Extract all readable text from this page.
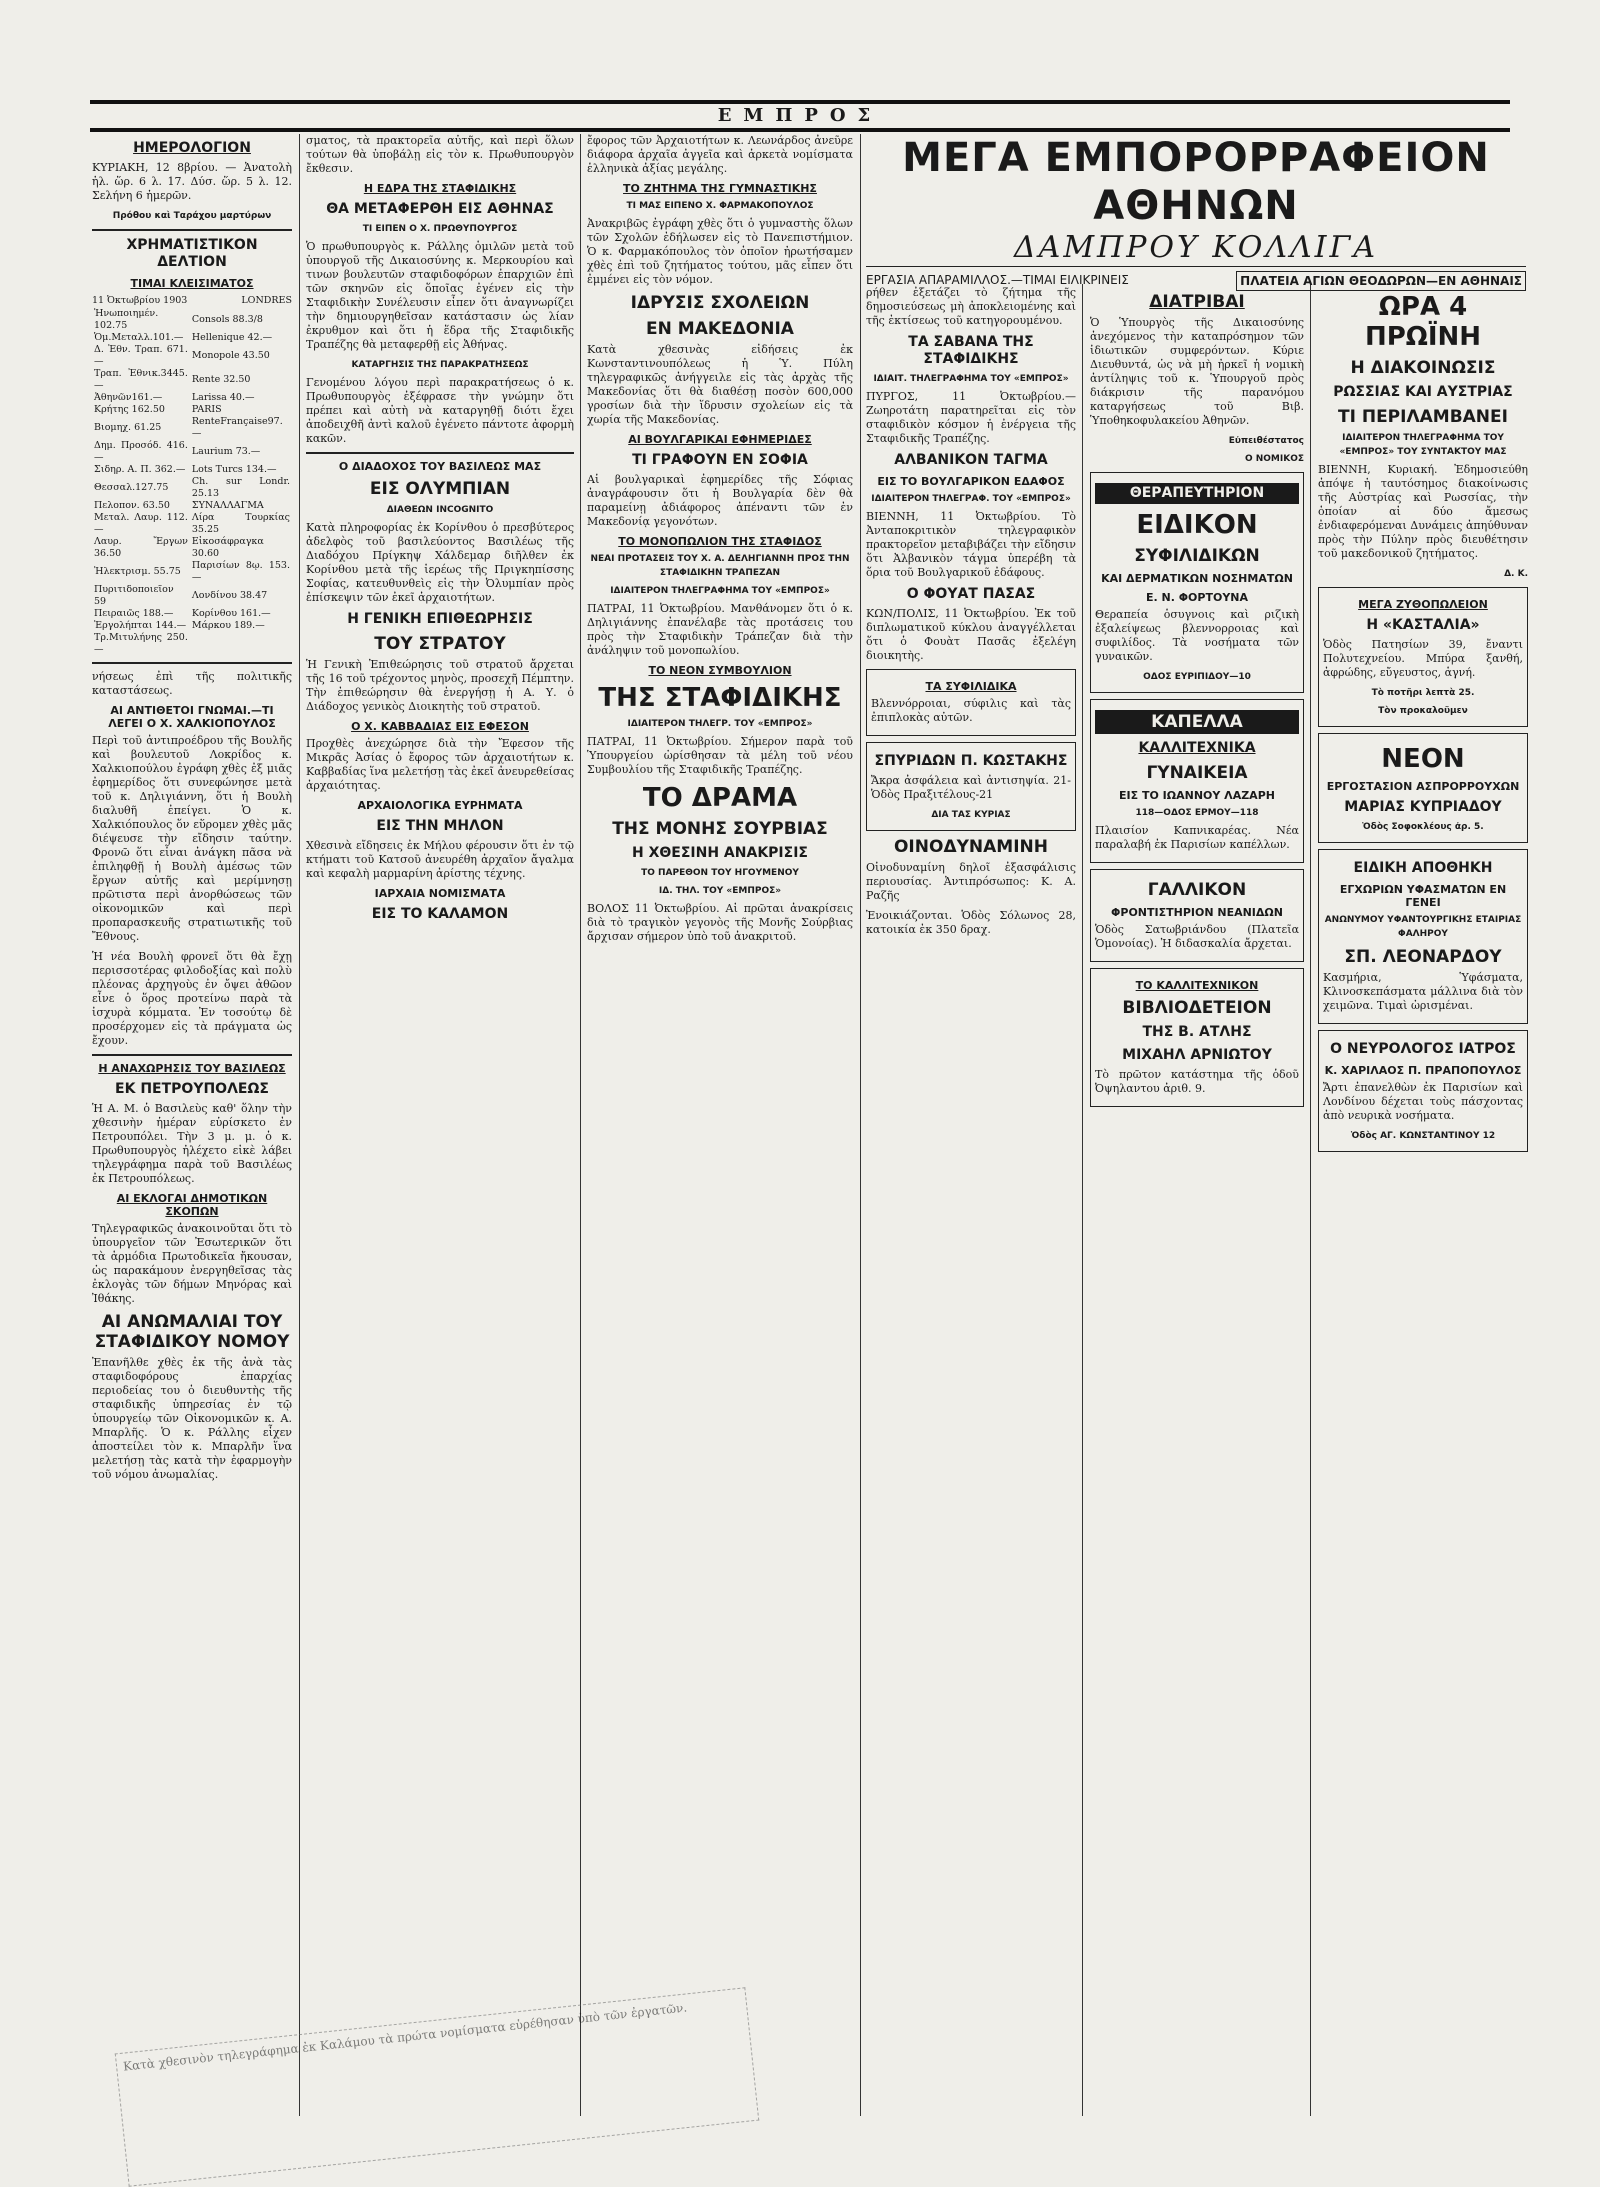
ΕΜΠΡΟΣ
ΗΜΕΡΟΛΟΓΙΟΝ

ΚΥΡΙΑΚΗ, 12 8βρίου. — Ἀνατολὴ ἡλ. ὥρ. 6 λ. 17. Δύσ. ὥρ. 5 λ. 12. Σελήνη 6 ἡμερῶν.

Πρόθου καὶ Ταράχου μαρτύρων
ΧΡΗΜΑΤΙΣΤΙΚΟΝ ΔΕΛΤΙΟΝ
ΤΙΜΑΙ ΚΛΕΙΣΙΜΑΤΟΣ
11 Ὀκτωβρίου 1903	LONDRES
Ἡνωποιημέν. 102.75	Consols 88.3/8
Ὁμ.Μεταλλ.101.—	Hellenique 42.—
Δ. Ἐθν. Τραπ. 671.—	Monopole 43.50
Τραπ. Ἐθνικ.3445.—	Rente 32.50
Ἀθηνῶν161.—	Larissa 40.—
Κρήτης 162.50	PARIS
Βιομηχ. 61.25	RenteFrançaise97.—
Δημ. Προσόδ. 416.—	Laurium 73.—
Σιδηρ. Α. Π. 362.—	Lots Turcs 134.—
Θεσσαλ.127.75	Ch. sur Londr. 25.13
Πελοπον. 63.50	ΣΥΝΑΛΛΑΓΜΑ
Μεταλ. Λαυρ. 112.—	Λίρα Τουρκίας 35.25
Λαυρ. Ἔργων 36.50	Εἰκοσάφραγκα 30.60
Ἠλεκτρισμ. 55.75	Παρισίων 8ῳ. 153.—
Πυριτιδοποιεῖον 59	Λονδίνου 38.47
Πειραιῶς 188.—	Κορίνθου 161.—
Ἐργολήπται 144.—	Μάρκου 189.—
Τρ.Μιτυλήνης 250.—	

νήσεως ἐπὶ τῆς πολιτικῆς καταστάσεως.

ΑΙ ΑΝΤΙΘΕΤΟΙ ΓΝΩΜΑΙ.—ΤΙ ΛΕΓΕΙ Ο Χ. ΧΑΛΚΙΟΠΟΥΛΟΣ

Περὶ τοῦ ἀντιπροέδρου τῆς Βουλῆς καὶ βουλευτοῦ Λοκρίδος κ. Χαλκιοπούλου ἐγράφη χθὲς ἐξ μιᾶς ἐφημερίδος ὅτι συνεφώνησε μετὰ τοῦ κ. Δηλιγιάννη, ὅτι ἡ Βουλὴ διαλυθῆ ἐπείγει. Ὁ κ. Χαλκιόπουλος ὅν εὕρομεν χθὲς μᾶς διέψευσε τὴν εἴδησιν ταύτην. Φρονῶ ὅτι εἶναι ἀνάγκη πᾶσα νὰ ἐπιληφθῇ ἡ Βουλὴ ἀμέσως τῶν ἔργων αὐτῆς καὶ μερίμνησῃ πρῶτιστα περὶ ἀνορθώσεως τῶν οἰκονομικῶν καὶ περὶ προπαρασκευῆς στρατιωτικῆς τοῦ Ἔθνους.

Ἡ νέα Βουλὴ φρονεῖ ὅτι θὰ ἔχῃ περισσοτέρας φιλοδοξίας καὶ πολὺ πλέονας ἀρχηγοὺς ἐν ὄψει ἀθῶον εἶνε ὁ ὅρος προτείνω παρὰ τὰ ἰσχυρὰ κόμματα. Ἐν τοσούτῳ δὲ προσέρχομεν εἰς τὰ πράγματα ὡς ἔχουν.

Η ΑΝΑΧΩΡΗΣΙΣ ΤΟΥ ΒΑΣΙΛΕΩΣ
ΕΚ ΠΕΤΡΟΥΠΟΛΕΩΣ

Ἡ Α. Μ. ὁ Βασιλεὺς καθ' ὅλην τὴν χθεσινὴν ἡμέραν εὑρίσκετο ἐν Πετρουπόλει. Τὴν 3 μ. μ. ὁ κ. Πρωθυπουργὸς ἠλέχετο εἰκὲ λάβει τηλεγράφημα παρὰ τοῦ Βασιλέως ἐκ Πετρουπόλεως.

ΑΙ ΕΚΛΟΓΑΙ ΔΗΜΟΤΙΚΩΝ ΣΚΟΠΩΝ

Τηλεγραφικῶς ἀνακοινοῦται ὅτι τὸ ὑπουργεῖον τῶν Ἐσωτερικῶν ὅτι τὰ ἁρμόδια Πρωτοδικεῖα ἤκουσαν, ὡς παρακάμουν ἐνεργηθεῖσας τὰς ἐκλογὰς τῶν δήμων Μηνόρας καὶ Ἰθάκης.

ΑΙ ΑΝΩΜΑΛΙΑΙ ΤΟΥ ΣΤΑΦΙΔΙΚΟΥ ΝΟΜΟΥ

Ἐπανῆλθε χθὲς ἐκ τῆς ἀνὰ τὰς σταφιδοφόρους ἐπαρχίας περιοδείας του ὁ διευθυντὴς τῆς σταφιδικῆς ὑπηρεσίας ἐν τῷ ὑπουργείῳ τῶν Οἰκονομικῶν κ. Α. Μπαρλῆς. Ὁ κ. Ράλλης εἶχεν ἀποστείλει τὸν κ. Μπαρλῆν ἵνα μελετήσῃ τὰς κατὰ τὴν ἐφαρμογὴν τοῦ νόμου ἀνωμαλίας.

σματος, τὰ πρακτορεῖα αὐτῆς, καὶ περὶ ὅλων τούτων θὰ ὑποβάλῃ εἰς τὸν κ. Πρωθυπουργὸν ἔκθεσιν.

Η ΕΔΡΑ ΤΗΣ ΣΤΑΦΙΔΙΚΗΣ
ΘΑ ΜΕΤΑΦΕΡΘΗ ΕΙΣ ΑΘΗΝΑΣ
ΤΙ ΕΙΠΕΝ Ο Χ. ΠΡΩΘΥΠΟΥΡΓΟΣ

Ὁ πρωθυπουργὸς κ. Ράλλης ὁμιλῶν μετὰ τοῦ ὑπουργοῦ τῆς Δικαιοσύνης κ. Μερκουρίου καὶ τινων βουλευτῶν σταφιδοφόρων ἐπαρχιῶν ἐπὶ τῶν σκηνῶν εἰς ὅποῖας ἐγένεν εἰς τὴν Σταφιδικὴν Συνέλευσιν εἶπεν ὅτι ἀναγνωρίζει τὴν δημιουργηθεῖσαν κατάστασιν ὡς λίαν ἐκρυθμον καὶ ὅτι ἡ ἕδρα τῆς Σταφιδικῆς Τραπέζης θὰ μεταφερθῇ εἰς Ἀθήνας.

ΚΑΤΑΡΓΗΣΙΣ ΤΗΣ ΠΑΡΑΚΡΑΤΗΣΕΩΣ

Γενομένου λόγου περὶ παρακρατήσεως ὁ κ. Πρωθυπουργὸς ἐξέφρασε τὴν γνώμην ὅτι πρέπει καὶ αὐτὴ νὰ καταργηθῇ διότι ἔχει ἀποδειχθῆ ἀντὶ καλοῦ ἐγένετο πάντοτε ἀφορμὴ κακῶν.

Ο ΔΙΑΔΟΧΟΣ ΤΟΥ ΒΑΣΙΛΕΩΣ ΜΑΣ
ΕΙΣ ΟΛΥΜΠΙΑΝ
ΔΙΑΘΕΩΝ INCOGNITO

Κατὰ πληροφορίας ἐκ Κορίνθου ὁ πρεσβύτερος ἀδελφὸς τοῦ βασιλεύοντος Βασιλέως τῆς Διαδόχου Πρίγκηψ Χάλδεμαρ διῆλθεν ἐκ Κορίνθου μετὰ τῆς ἱερέως τῆς Πριγκηπίσσης Σοφίας, κατευθυνθεὶς εἰς τὴν Ὀλυμπίαν πρὸς ἐπίσκεψιν τῶν ἐκεῖ ἀρχαιοτήτων.

Η ΓΕΝΙΚΗ ΕΠΙΘΕΩΡΗΣΙΣ
ΤΟΥ ΣΤΡΑΤΟΥ

Ἡ Γενικὴ Ἐπιθεώρησις τοῦ στρατοῦ ἄρχεται τῆς 16 τοῦ τρέχοντος μηνὸς, προσεχῆ Πέμπτην. Τὴν ἐπιθεώρησιν θὰ ἐνεργήσῃ ἡ Α. Υ. ὁ Διάδοχος γενικὸς Διοικητὴς τοῦ στρατοῦ.

Ο Χ. ΚΑΒΒΑΔΙΑΣ ΕΙΣ ΕΦΕΣΟΝ

Προχθὲς ἀνεχώρησε διὰ τὴν Ἔφεσον τῆς Μικρᾶς Ἀσίας ὁ ἔφορος τῶν ἀρχαιοτήτων κ. Καββαδίας ἵνα μελετήσῃ τὰς ἐκεῖ ἀνευρεθείσας ἀρχαιότητας.

ΑΡΧΑΙΟΛΟΓΙΚΑ ΕΥΡΗΜΑΤΑ
ΕΙΣ ΤΗΝ ΜΗΛΟΝ

Χθεσινὰ εἴδησεις ἐκ Μήλου φέρουσιν ὅτι ἐν τῷ κτήματι τοῦ Κατσοῦ ἀνευρέθη ἀρχαῖον ἄγαλμα καὶ κεφαλὴ μαρμαρίνη ἀρίστης τέχνης.

ΙΑΡΧΑΙΑ ΝΟΜΙΣΜΑΤΑ
ΕΙΣ ΤΟ ΚΑΛΑΜΟΝ

ἔφορος τῶν Ἀρχαιοτήτων κ. Λεωνάρδος ἀνεῦρε διάφορα ἀρχαῖα ἀγγεῖα καὶ ἀρκετὰ νομίσματα ἑλληνικὰ ἀξίας μεγάλης.

ΤΟ ΖΗΤΗΜΑ ΤΗΣ ΓΥΜΝΑΣΤΙΚΗΣ
ΤΙ ΜΑΣ ΕΙΠΕΝΟ Χ. ΦΑΡΜΑΚΟΠΟΥΛΟΣ

Ἀνακριβῶς ἐγράφη χθὲς ὅτι ὁ γυμναστὴς ὅλων τῶν Σχολῶν ἐδήλωσεν εἰς τὸ Πανεπιστήμιον. Ὁ κ. Φαρμακόπουλος τὸν ὁποῖον ἠρωτήσαμεν χθὲς ἐπὶ τοῦ ζητήματος τούτου, μᾶς εἶπεν ὅτι ἐμμένει εἰς τὸν νόμον.

ΙΔΡΥΣΙΣ ΣΧΟΛΕΙΩΝ
ΕΝ ΜΑΚΕΔΟΝΙΑ

Κατὰ χθεσινὰς εἰδήσεις ἐκ Κωνσταντινουπόλεως ἡ Ὑ. Πύλη τηλεγραφικῶς ἀνήγγειλε εἰς τὰς ἀρχὰς τῆς Μακεδονίας ὅτι θὰ διαθέσῃ ποσὸν 600,000 γροσίων διὰ τὴν ἵδρυσιν σχολείων εἰς τὰ χωρία τῆς Μακεδονίας.

ΑΙ ΒΟΥΛΓΑΡΙΚΑΙ ΕΦΗΜΕΡΙΔΕΣ
ΤΙ ΓΡΑΦΟΥΝ ΕΝ ΣΟΦΙΑ

Αἱ βουλγαρικαὶ ἐφημερίδες τῆς Σόφιας ἀναγράφουσιν ὅτι ἡ Βουλγαρία δὲν θὰ παραμείνῃ ἀδιάφορος ἀπέναντι τῶν ἐν Μακεδονίᾳ γεγονότων.

ΤΟ ΜΟΝΟΠΩΛΙΟΝ ΤΗΣ ΣΤΑΦΙΔΟΣ
ΝΕΑΙ ΠΡΟΤΑΣΕΙΣ ΤΟΥ Χ. Α. ΔΕΛΗΓΙΑΝΝΗ ΠΡΟΣ ΤΗΝ ΣΤΑΦΙΔΙΚΗΝ ΤΡΑΠΕΖΑΝ
ΙΔΙΑΙΤΕΡΟΝ ΤΗΛΕΓΡΑΦΗΜΑ ΤΟΥ «ΕΜΠΡΟΣ»

ΠΑΤΡΑΙ, 11 Ὀκτωβρίου. Μανθάνομεν ὅτι ὁ κ. Δηλιγιάννης ἐπανέλαβε τὰς προτάσεις του πρὸς τὴν Σταφιδικὴν Τράπεζαν διὰ τὴν ἀνάληψιν τοῦ μονοπωλίου.

ΤΟ ΝΕΟΝ ΣΥΜΒΟΥΛΙΟΝ
ΤΗΣ ΣΤΑΦΙΔΙΚΗΣ
ΙΔΙΑΙΤΕΡΟΝ ΤΗΛΕΓΡ. ΤΟΥ «ΕΜΠΡΟΣ»

ΠΑΤΡΑΙ, 11 Ὀκτωβρίου. Σήμερον παρὰ τοῦ Ὑπουργείου ὡρίσθησαν τὰ μέλη τοῦ νέου Συμβουλίου τῆς Σταφιδικῆς Τραπέζης.

ΤΟ ΔΡΑΜΑ
ΤΗΣ ΜΟΝΗΣ ΣΟΥΡΒΙΑΣ
Η ΧΘΕΣΙΝΗ ΑΝΑΚΡΙΣΙΣ
ΤΟ ΠΑΡΕΘΟΝ ΤΟΥ ΗΓΟΥΜΕΝΟΥ
ΙΔ. ΤΗΛ. ΤΟΥ «ΕΜΠΡΟΣ»

ΒΟΛΟΣ 11 Ὀκτωβρίου. Αἱ πρῶται ἀνακρίσεις διὰ τὸ τραγικὸν γεγονὸς τῆς Μονῆς Σούρβιας ἄρχισαν σήμερον ὑπὸ τοῦ ἀνακριτοῦ.

ΜΕΓΑ ΕΜΠΟΡΟΡΡΑΦΕΙΟΝ ΑΘΗΝΩΝ
ΔΑΜΠΡΟΥ ΚΟΛΛΙΓΑ
ΕΡΓΑΣΙΑ ΑΠΑΡΑΜΙΛΛΟΣ.—ΤΙΜΑΙ ΕΙΛΙΚΡΙΝΕΙΣ	ΠΛΑΤΕΙΑ ΑΓΙΩΝ ΘΕΟΔΩΡΩΝ—ΕΝ ΑΘΗΝΑΙΣ

ρήθεν ἐξετάζει τὸ ζήτημα τῆς δημοσιεύσεως μὴ ἀποκλειομένης καὶ τῆς ἐκτίσεως τοῦ κατηγορουμένου.

ΤΑ ΣΑΒΑΝΑ ΤΗΣ ΣΤΑΦΙΔΙΚΗΣ
ΙΔΙΑΙΤ. ΤΗΛΕΓΡΑΦΗΜΑ ΤΟΥ «ΕΜΠΡΟΣ»

ΠΥΡΓΟΣ, 11 Ὀκτωβρίου.—Ζωηροτάτη παρατηρεῖται εἰς τὸν σταφιδικὸν κόσμον ἡ ἐνέργεια τῆς Σταφιδικῆς Τραπέζης.

ΑΛΒΑΝΙΚΟΝ ΤΑΓΜΑ
ΕΙΣ ΤΟ ΒΟΥΛΓΑΡΙΚΟΝ ΕΔΑΦΟΣ
ΙΔΙΑΙΤΕΡΟΝ ΤΗΛΕΓΡΑΦ. ΤΟΥ «ΕΜΠΡΟΣ»

ΒΙΕΝΝΗ, 11 Ὀκτωβρίου. Τὸ Ἀνταποκριτικὸν τηλεγραφικὸν πρακτορεῖον μεταβιβάζει τὴν εἴδησιν ὅτι Ἀλβανικὸν τάγμα ὑπερέβη τὰ ὅρια τοῦ Βουλγαρικοῦ ἐδάφους.

Ο ΦΟΥΑΤ ΠΑΣΑΣ

ΚΩΝ/ΠΟΛΙΣ, 11 Ὀκτωβρίου. Ἐκ τοῦ διπλωματικοῦ κύκλου ἀναγγέλλεται ὅτι ὁ Φουὰτ Πασᾶς ἐξελέγη διοικητὴς.

ΤΑ ΣΥΦΙΛΙΔΙΚΑ

Βλεννόρροιαι, σύφιλις καὶ τὰς ἐπιπλοκὰς αὐτῶν.

ΣΠΥΡΙΔΩΝ Π. ΚΩΣΤΑΚΗΣ

Ἄκρα ἀσφάλεια καὶ ἀντισηψία. 21-Ὁδὸς Πραξιτέλους-21

ΔΙΑ ΤΑΣ ΚΥΡΙΑΣ
ΟΙΝΟΔΥΝΑΜΙΝΗ

Οἰνοδυναμίνη δηλοῖ ἐξασφάλισις περιουσίας. Ἀντιπρόσωπος: Κ. Α. Ραζῆς

Ἐνοικιάζονται. Ὁδὸς Σόλωνος 28, κατοικία ἐκ 350 δραχ.

ΔΙΑΤΡΙΒΑΙ

Ὁ Ὑπουργὸς τῆς Δικαιοσύνης ἀνεχόμενος τὴν καταπρόσημον τῶν ἰδιωτικῶν συμφερόντων. Κύριε Διευθυντά, ὡς νὰ μὴ ἠρκεῖ ἡ νομικὴ ἀντίληψις τοῦ κ. Ὑπουργοῦ πρὸς διάκρισιν τῆς παρανόμου καταργήσεως τοῦ Βιβ. Ὑποθηκοφυλακείου Ἀθηνῶν.

Εὐπειθέστατος
Ο ΝΟΜΙΚΟΣ
ΘΕΡΑΠΕΥΤΗΡΙΟΝ
ΕΙΔΙΚΟΝ
ΣΥΦΙΛΙΔΙΚΩΝ
ΚΑΙ ΔΕΡΜΑΤΙΚΩΝ ΝΟΣΗΜΑΤΩΝ
Ε. Ν. ΦΟΡΤΟΥΝΑ

Θεραπεία ὁσυγνοις καὶ ριζικὴ ἐξαλείψεως βλεννορροιας καὶ συφιλίδος. Τὰ νοσήματα τῶν γυναικῶν.

ΟΔΟΣ ΕΥΡΙΠΙΔΟΥ—10
ΚΑΠΕΛΛΑ
ΚΑΛΛΙΤΕΧΝΙΚΑ
ΓΥΝΑΙΚΕΙΑ
ΕΙΣ ΤΟ ΙΩΑΝΝΟΥ ΛΑΖΑΡΗ
118—ΟΔΟΣ ΕΡΜΟΥ—118

Πλαισίον Καπνικαρέας. Νέα παραλαβή ἐκ Παρισίων καπέλλων.

ΓΑΛΛΙΚΟΝ
ΦΡΟΝΤΙΣΤΗΡΙΟΝ ΝΕΑΝΙΔΩΝ

Ὁδὸς Σατωβριάνδου (Πλατεῖα Ὁμονοίας). Ἡ διδασκαλία ἄρχεται.

ΤΟ ΚΑΛΛΙΤΕΧΝΙΚΟΝ
ΒΙΒΛΙΟΔΕΤΕΙΟΝ
ΤΗΣ Β. ΑΤΛΗΣ
ΜΙΧΑΗΛ ΑΡΝΙΩΤΟΥ

Τὸ πρῶτον κατάστημα τῆς ὁδοῦ Ὀψηλαντου ἀριθ. 9.

ΩΡΑ 4 ΠΡΩΪΝΗ
Η ΔΙΑΚΟΙΝΩΣΙΣ
ΡΩΣΣΙΑΣ ΚΑΙ ΑΥΣΤΡΙΑΣ
ΤΙ ΠΕΡΙΛΑΜΒΑΝΕΙ
ΙΔΙΑΙΤΕΡΟΝ ΤΗΛΕΓΡΑΦΗΜΑ ΤΟΥ «ΕΜΠΡΟΣ» ΤΟΥ ΣΥΝΤΑΚΤΟΥ ΜΑΣ

ΒΙΕΝΝΗ, Κυριακή. Ἐδημοσιεύθη ἀπόψε ἡ ταυτόσημος διακοίνωσις τῆς Αὐστρίας καὶ Ρωσσίας, τὴν ὁποίαν αἱ δύο ἄμεσως ἐνδιαφερόμεναι Δυνάμεις ἀπηύθυναν πρὸς τὴν Πύλην πρὸς διευθέτησιν τοῦ μακεδονικοῦ ζητήματος.

Δ. Κ.
ΜΕΓΑ ΖΥΘΟΠΩΛΕΙΟΝ
Η «ΚΑΣΤΑΛΙΑ»

Ὁδὸς Πατησίων 39, ἔναντι Πολυτεχνείου. Μπύρα ξανθή, ἀφρώδης, εὔγευστος, ἁγνή.

Τὸ ποτῆρι λεπτὰ 25.
Τὸν προκαλοῦμεν
ΝΕΟΝ
ΕΡΓΟΣΤΑΣΙΟΝ ΑΣΠΡΟΡΡΟΥΧΩΝ
ΜΑΡΙΑΣ ΚΥΠΡΙΑΔΟΥ
Ὁδὸς Σοφοκλέους ἀρ. 5.
ΕΙΔΙΚΗ ΑΠΟΘΗΚΗ
ΕΓΧΩΡΙΩΝ ΥΦΑΣΜΑΤΩΝ ΕΝ ΓΕΝΕΙ
ΑΝΩΝΥΜΟΥ ΥΦΑΝΤΟΥΡΓΙΚΗΣ ΕΤΑΙΡΙΑΣ ΦΑΛΗΡΟΥ
ΣΠ. ΛΕΟΝΑΡΔΟΥ

Κασμήρια, Ὑφάσματα, Κλινοσκεπάσματα μάλλινα διὰ τὸν χειμῶνα. Τιμαὶ ὡρισμέναι.

Ο ΝΕΥΡΟΛΟΓΟΣ ΙΑΤΡΟΣ
Κ. ΧΑΡΙΛΑΟΣ Π. ΠΡΑΠΟΠΟΥΛΟΣ

Ἄρτι ἐπανελθὼν ἐκ Παρισίων καὶ Λονδίνου δέχεται τοὺς πάσχοντας ἀπὸ νευρικὰ νοσήματα.

Ὁδὸς ΑΓ. ΚΩΝΣΤΑΝΤΙΝΟΥ 12
Κατὰ χθεσινὸν τηλεγράφημα ἐκ Καλάμου τὰ πρώτα νομίσματα εὑρέθησαν ὑπὸ τῶν ἐργατῶν.
